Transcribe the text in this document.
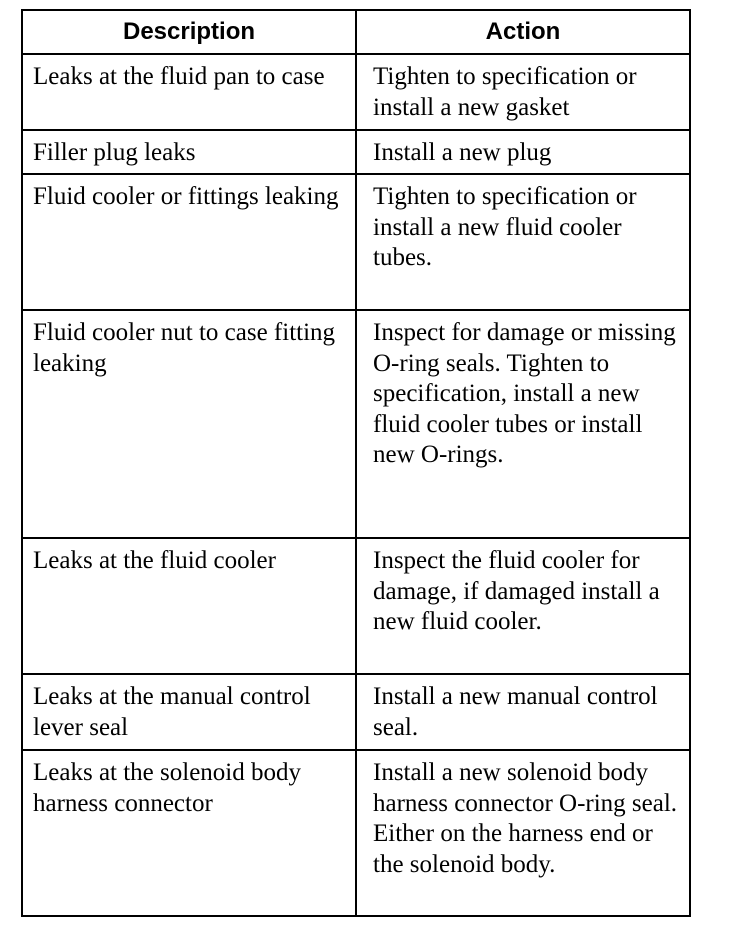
Description	Action

Leaks at the fluid pan to case	Tighten to specification or install a new gasket

Filler plug leaks	Install a new plug

Fluid cooler or fittings leaking	Tighten to specification or install a new fluid cooler tubes.

Fluid cooler nut to case fitting leaking	Inspect for damage or missing O-ring seals. Tighten to specification, install a new fluid cooler tubes or install new O-rings.

Leaks at the fluid cooler	Inspect the fluid cooler for damage, if damaged install a new fluid cooler.

Leaks at the manual control lever seal	Install a new manual control seal.

Leaks at the solenoid body harness connector	Install a new solenoid body harness connector O-ring seal. Either on the harness end or the solenoid body.
